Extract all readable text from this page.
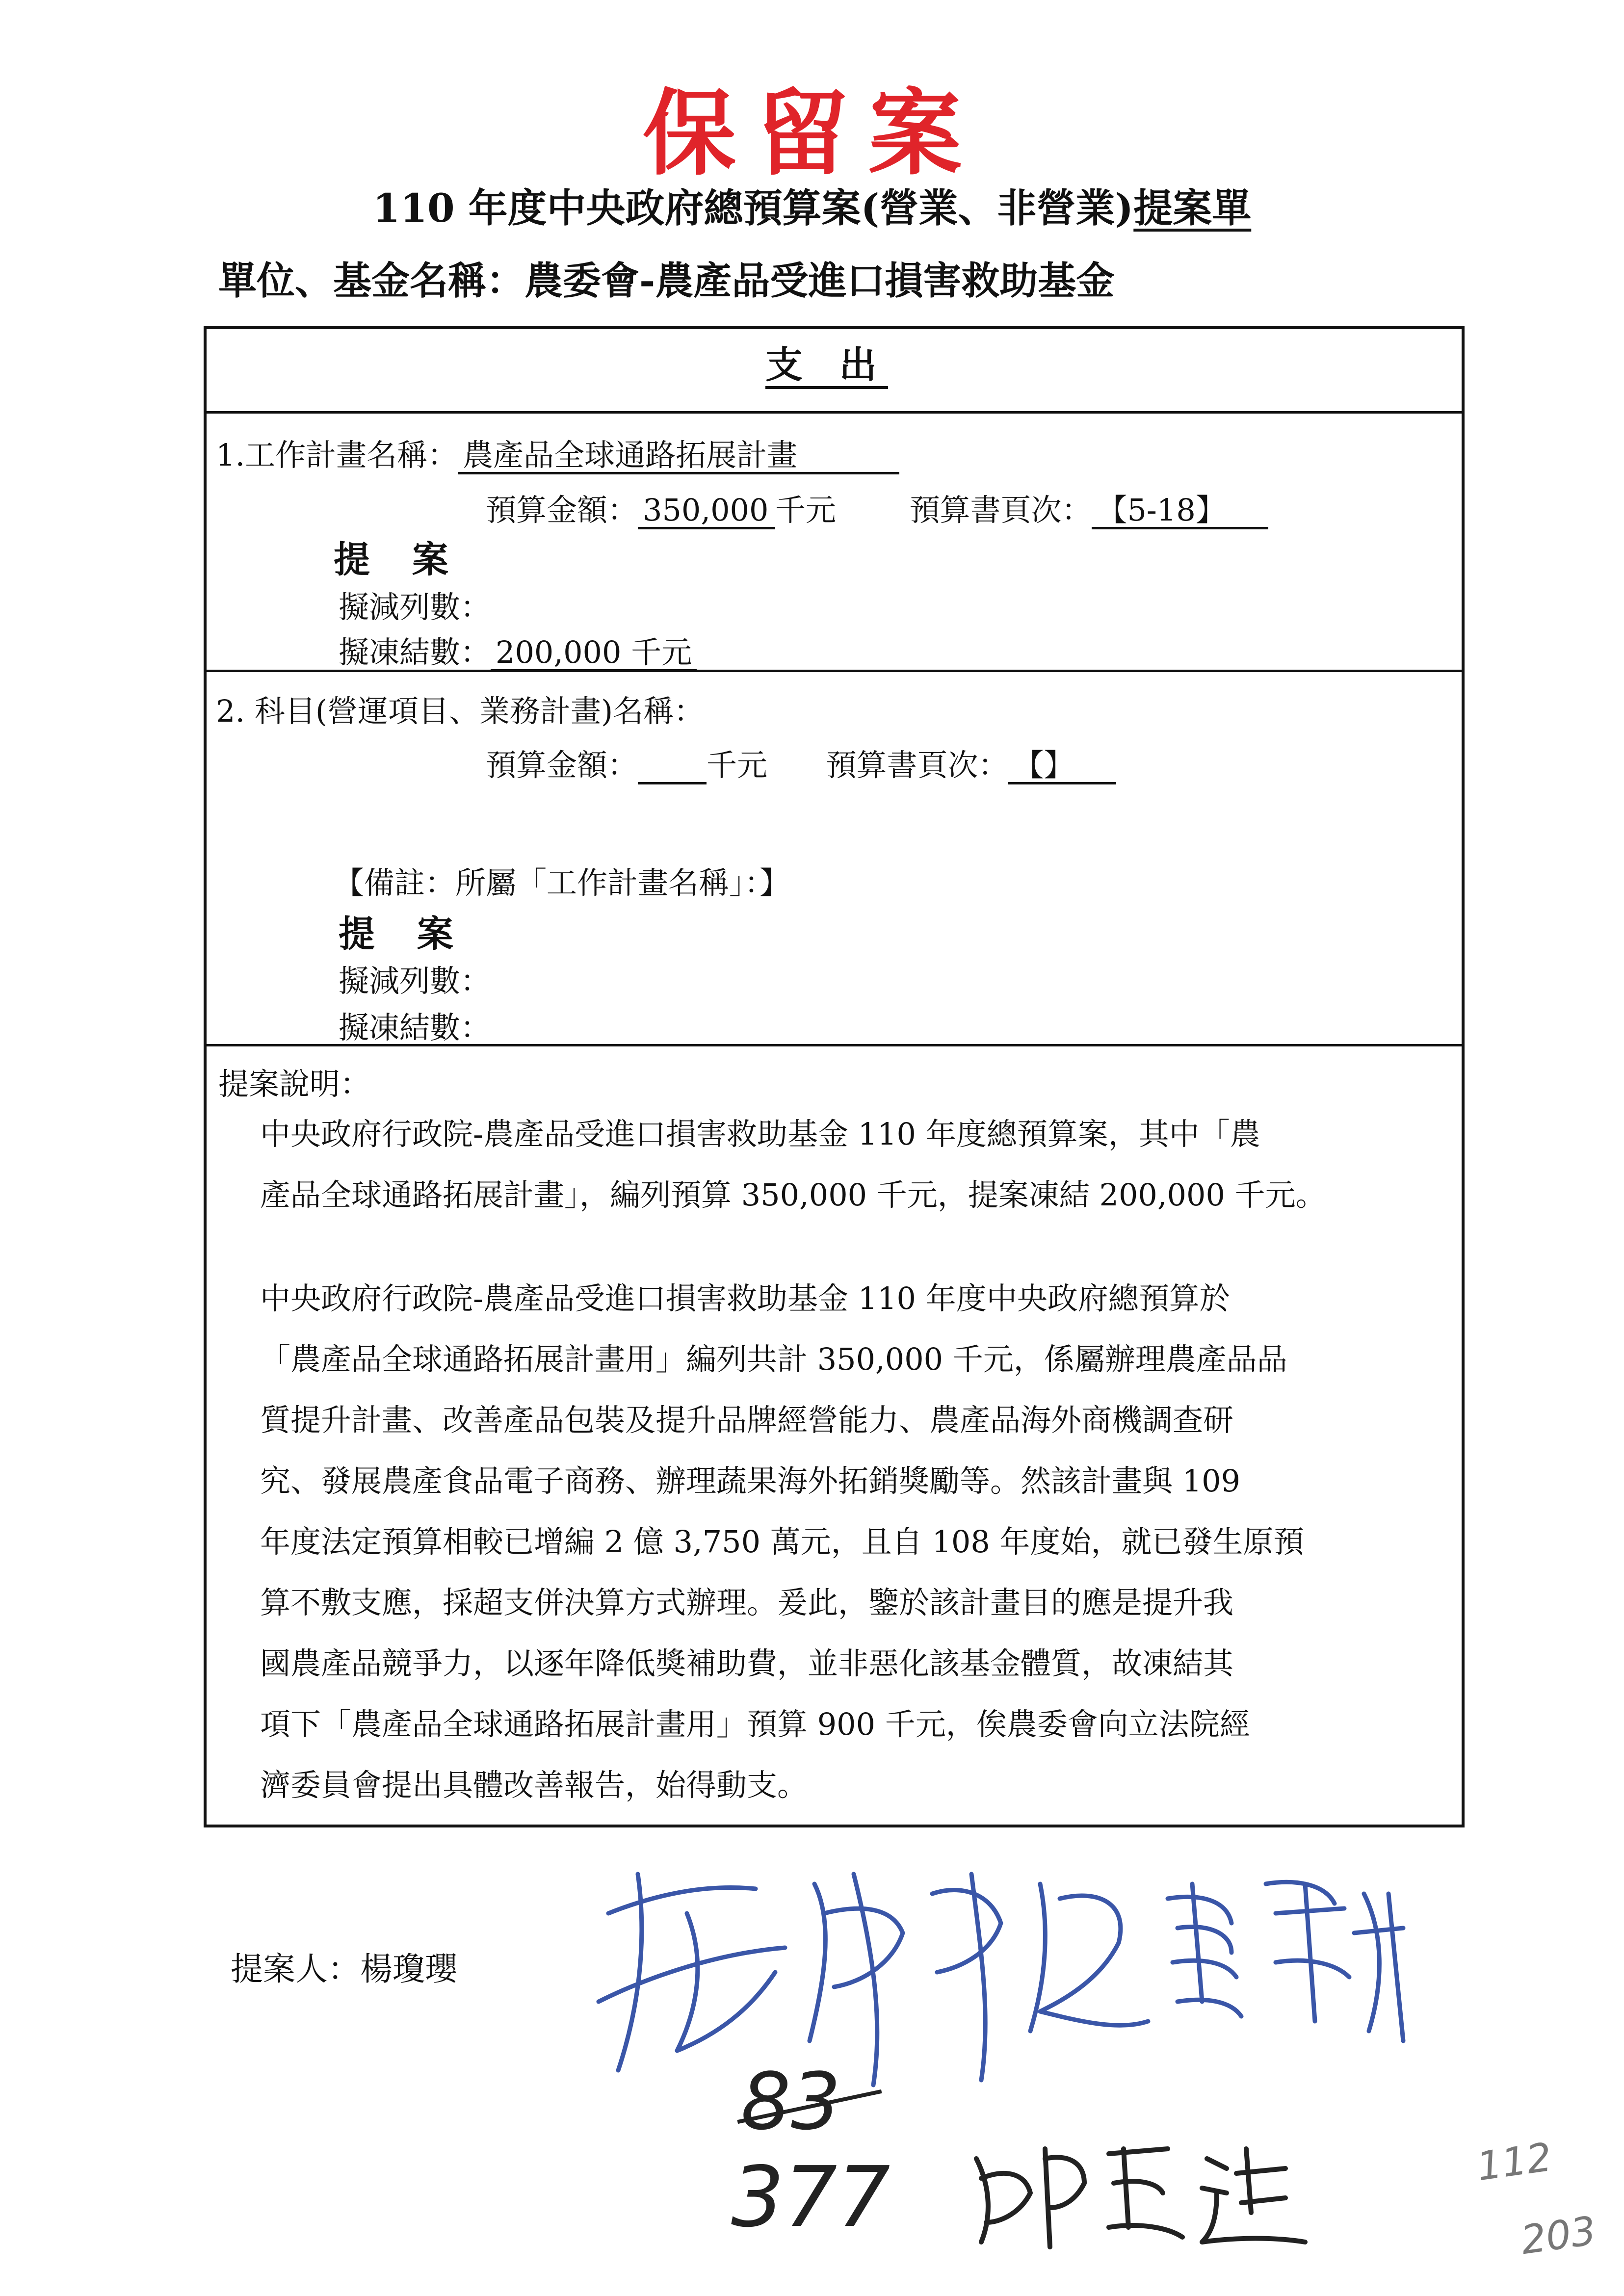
保留案
110 年度中央政府總預算案(營業、非營業)提案單
單位、基金名稱：農委會-農產品受進口損害救助基金
支 出
1.工作計畫名稱： 農產品全球通路拓展計畫
預算金額： 350,000 千元 預算書頁次： 【5-18】
提 案
擬減列數：
擬凍結數： 200,000 千元
2. 科目(營運項目、業務計畫)名稱：
預算金額： 千元 預算書頁次： 【】
【備註：所屬「工作計畫名稱」：】
提 案
擬減列數：
擬凍結數：
提案說明：
中央政府行政院-農產品受進口損害救助基金 110 年度總預算案，其中「農
產品全球通路拓展計畫」，編列預算 350,000 千元，提案凍結 200,000 千元。
中央政府行政院-農產品受進口損害救助基金 110 年度中央政府總預算於
「農產品全球通路拓展計畫用」編列共計 350,000 千元，係屬辦理農產品品
質提升計畫、改善產品包裝及提升品牌經營能力、農產品海外商機調查研
究、發展農產食品電子商務、辦理蔬果海外拓銷獎勵等。然該計畫與 109
年度法定預算相較已增編 2 億 3,750 萬元，且自 108 年度始，就已發生原預
算不敷支應，採超支併決算方式辦理。爰此，鑒於該計畫目的應是提升我
國農產品競爭力，以逐年降低獎補助費，並非惡化該基金體質，故凍結其
項下「農產品全球通路拓展計畫用」預算 900 千元，俟農委會向立法院經
濟委員會提出具體改善報告，始得動支。
提案人：楊瓊瓔
83
377	112
203
